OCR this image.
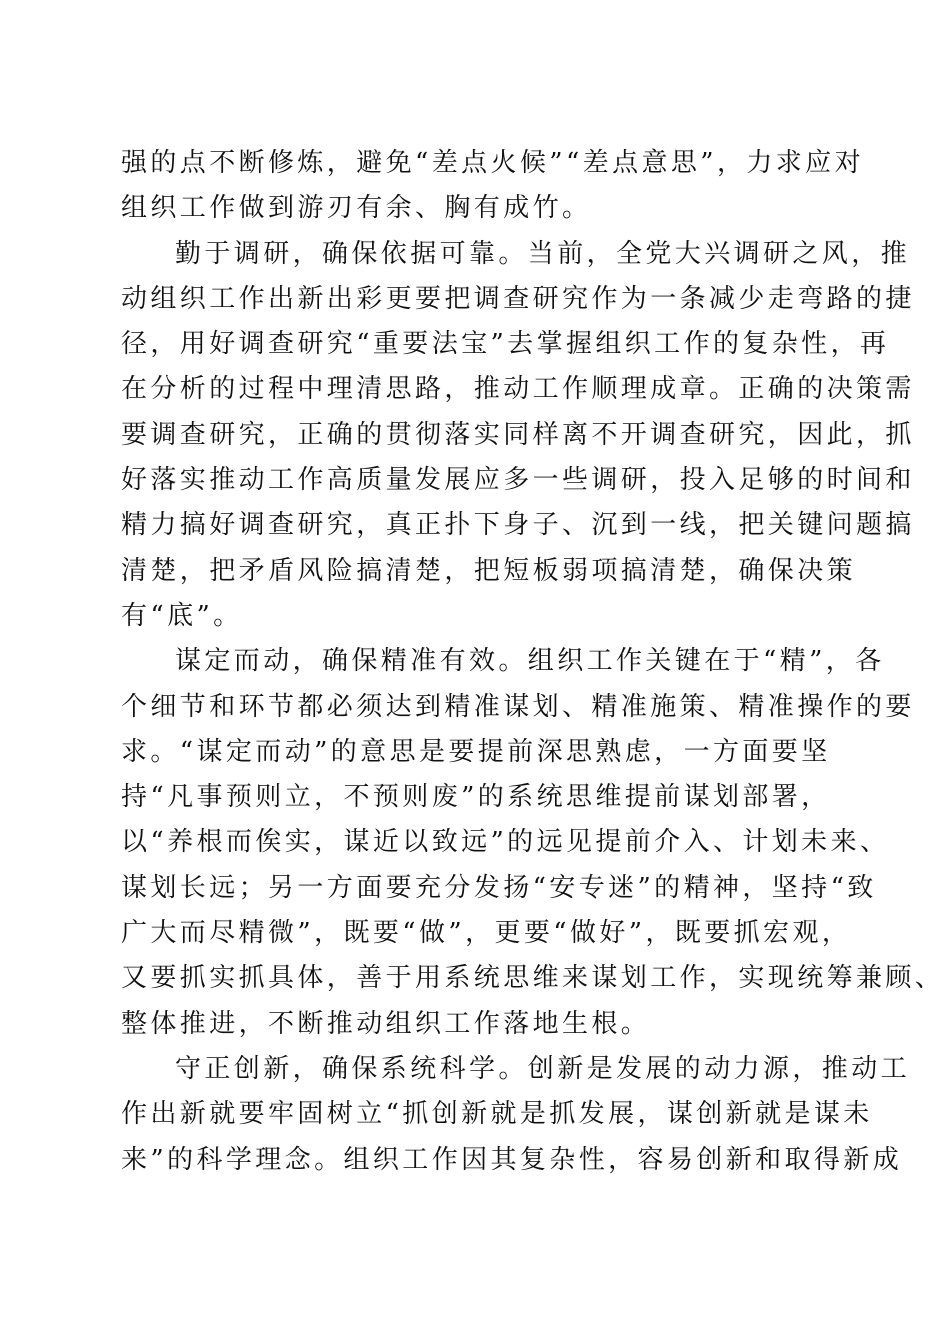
强的点不断修炼，避免“差点火候”“差点意思”，力求应对
组织工作做到游刃有余、胸有成竹。

勤于调研，确保依据可靠。当前，全党大兴调研之风，推
动组织工作出新出彩更要把调查研究作为一条减少走弯路的捷
径，用好调查研究“重要法宝”去掌握组织工作的复杂性，再
在分析的过程中理清思路，推动工作顺理成章。正确的决策需
要调查研究，正确的贯彻落实同样离不开调查研究，因此，抓
好落实推动工作高质量发展应多一些调研，投入足够的时间和
精力搞好调查研究，真正扑下身子、沉到一线，把关键问题搞
清楚，把矛盾风险搞清楚，把短板弱项搞清楚，确保决策
有“底”。

谋定而动，确保精准有效。组织工作关键在于“精”，各
个细节和环节都必须达到精准谋划、精准施策、精准操作的要
求。“谋定而动”的意思是要提前深思熟虑，一方面要坚
持“凡事预则立，不预则废”的系统思维提前谋划部署，
以“养根而俟实，谋近以致远”的远见提前介入、计划未来、
谋划长远；另一方面要充分发扬“安专迷”的精神，坚持“致
广大而尽精微”，既要“做”，更要“做好”，既要抓宏观，
又要抓实抓具体，善于用系统思维来谋划工作，实现统筹兼顾、
整体推进，不断推动组织工作落地生根。

守正创新，确保系统科学。创新是发展的动力源，推动工
作出新就要牢固树立“抓创新就是抓发展，谋创新就是谋未
来”的科学理念。组织工作因其复杂性，容易创新和取得新成
